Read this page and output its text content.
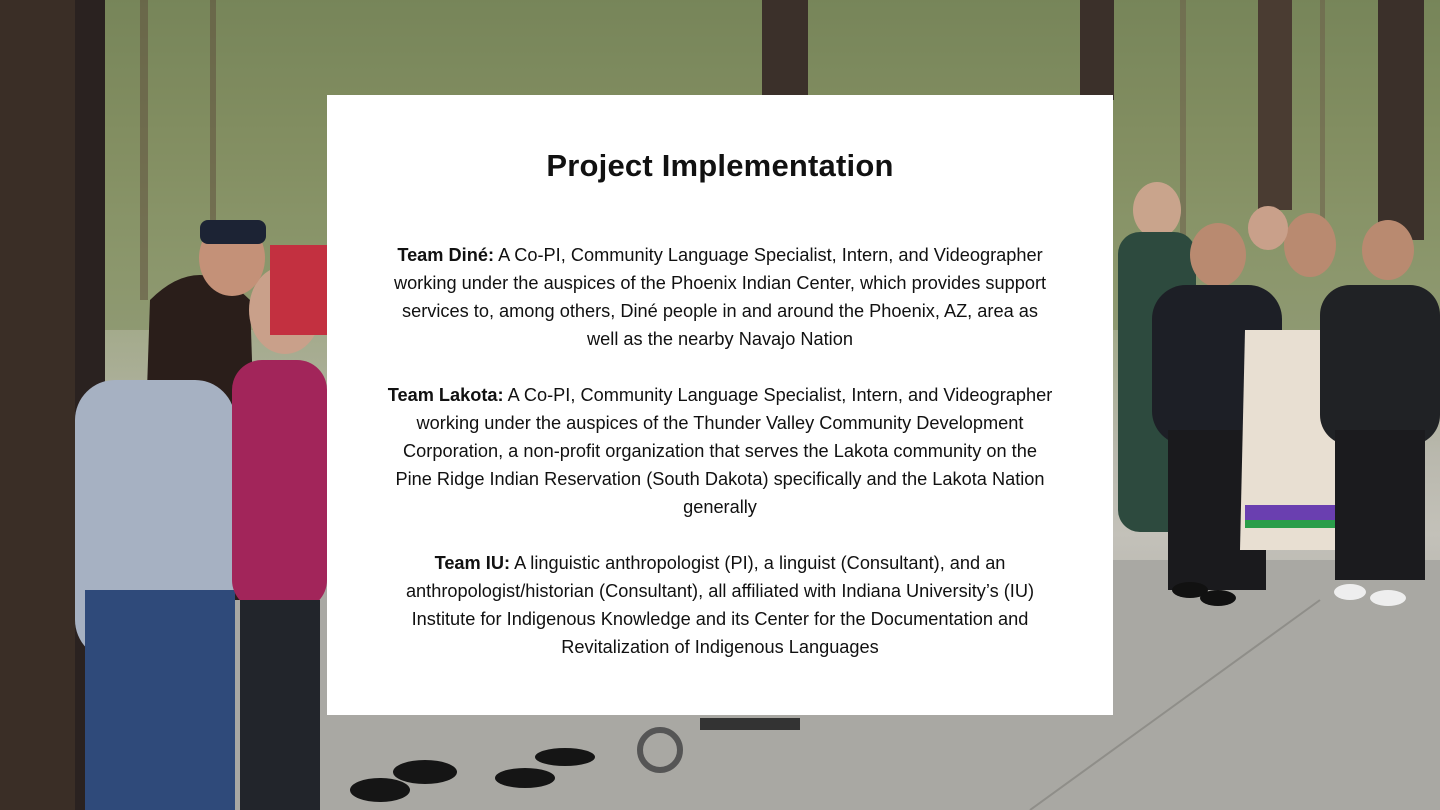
Project Implementation

Team Diné: A Co-PI, Community Language Specialist, Intern, and Videographer working under the auspices of the Phoenix Indian Center, which provides support services to, among others, Diné people in and around the Phoenix, AZ, area as well as the nearby Navajo Nation

Team Lakota: A Co-PI, Community Language Specialist, Intern, and Videographer working under the auspices of the Thunder Valley Community Development Corporation, a non-profit organization that serves the Lakota community on the Pine Ridge Indian Reservation (South Dakota) specifically and the Lakota Nation generally

Team IU: A linguistic anthropologist (PI), a linguist (Consultant), and an anthropologist/historian (Consultant), all affiliated with Indiana University’s (IU) Institute for Indigenous Knowledge and its Center for the Documentation and Revitalization of Indigenous Languages
